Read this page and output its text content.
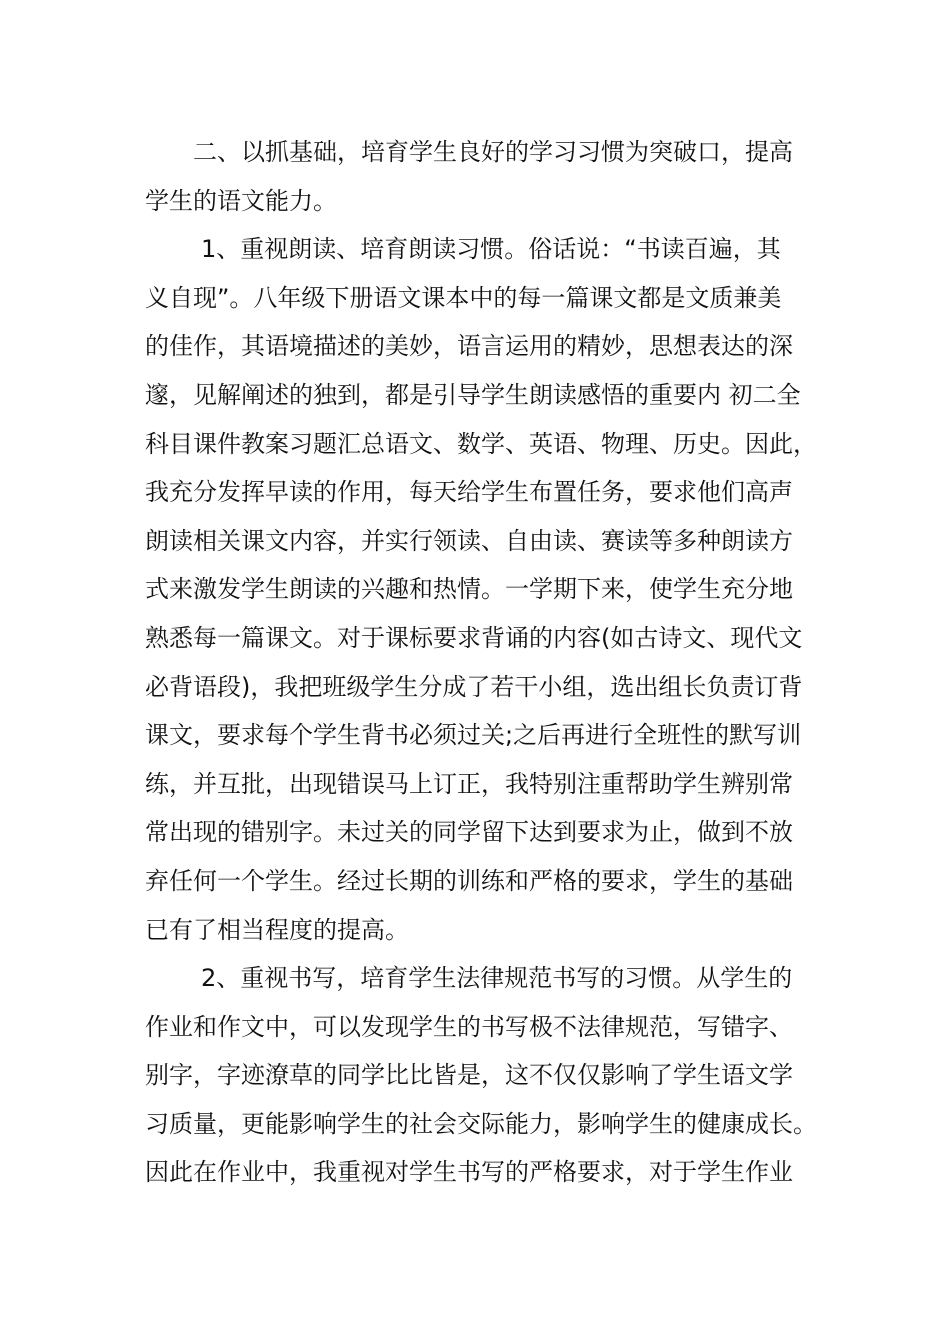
二、以抓基础，培育学生良好的学习习惯为突破口，提高
学生的语文能力。
1、重视朗读、培育朗读习惯。俗话说：“书读百遍，其
义自现”。八年级下册语文课本中的每一篇课文都是文质兼美
的佳作，其语境描述的美妙，语言运用的精妙，思想表达的深
邃，见解阐述的独到，都是引导学生朗读感悟的重要内 初二全
科目课件教案习题汇总语文、数学、英语、物理、历史。因此，
我充分发挥早读的作用，每天给学生布置任务，要求他们高声
朗读相关课文内容，并实行领读、自由读、赛读等多种朗读方
式来激发学生朗读的兴趣和热情。一学期下来，使学生充分地
熟悉每一篇课文。对于课标要求背诵的内容(如古诗文、现代文
必背语段)，我把班级学生分成了若干小组，选出组长负责订背
课文，要求每个学生背书必须过关;之后再进行全班性的默写训
练，并互批，出现错误马上订正，我特别注重帮助学生辨别常
常出现的错别字。未过关的同学留下达到要求为止，做到不放
弃任何一个学生。经过长期的训练和严格的要求，学生的基础
已有了相当程度的提高。
2、重视书写，培育学生法律规范书写的习惯。从学生的
作业和作文中，可以发现学生的书写极不法律规范，写错字、
别字，字迹潦草的同学比比皆是，这不仅仅影响了学生语文学
习质量，更能影响学生的社会交际能力，影响学生的健康成长。
因此在作业中，我重视对学生书写的严格要求，对于学生作业
